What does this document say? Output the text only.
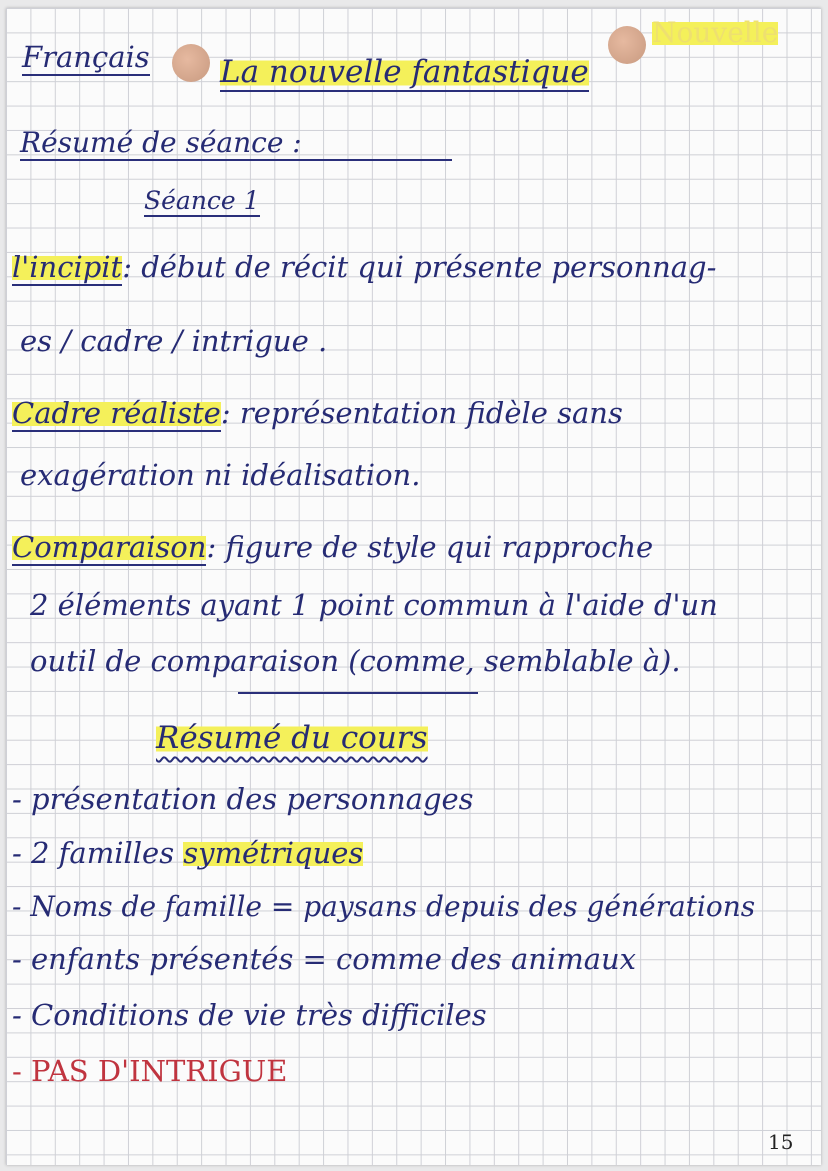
Français La nouvelle fantastique
Nouvelle
Résumé de séance :
Séance 1
l'incipit: début de récit qui présente personnag-
es / cadre / intrigue .
Cadre réaliste: représentation fidèle sans
exagération ni idéalisation.
Comparaison: figure de style qui rapproche
2 éléments ayant 1 point commun à l'aide d'un
outil de comparaison (comme, semblable à).
Résumé du cours
- présentation des personnages
- 2 familles symétriques
- Noms de famille = paysans depuis des générations
- enfants présentés = comme des animaux
- Conditions de vie très difficiles
- PAS D'INTRIGUE
15
